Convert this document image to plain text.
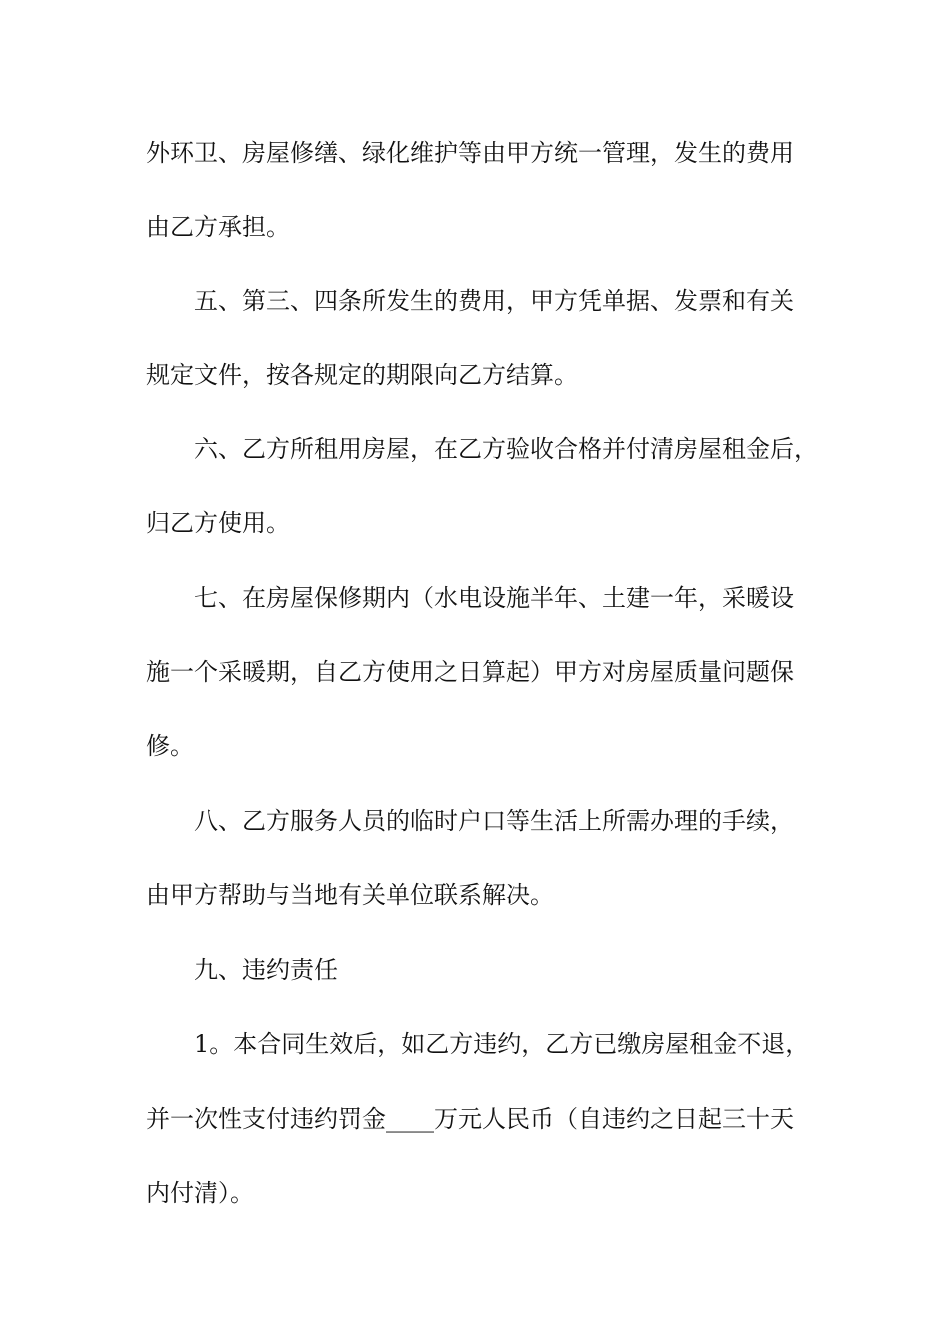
外环卫、房屋修缮、绿化维护等由甲方统一管理，发生的费用
由乙方承担。
五、第三、四条所发生的费用，甲方凭单据、发票和有关
规定文件，按各规定的期限向乙方结算。
六、乙方所租用房屋，在乙方验收合格并付清房屋租金后，
归乙方使用。
七、在房屋保修期内（水电设施半年、土建一年，采暖设
施一个采暖期，自乙方使用之日算起）甲方对房屋质量问题保
修。
八、乙方服务人员的临时户口等生活上所需办理的手续，
由甲方帮助与当地有关单位联系解决。
九、违约责任
1。本合同生效后，如乙方违约，乙方已缴房屋租金不退，
并一次性支付违约罚金____万元人民币（自违约之日起三十天
内付清）。
